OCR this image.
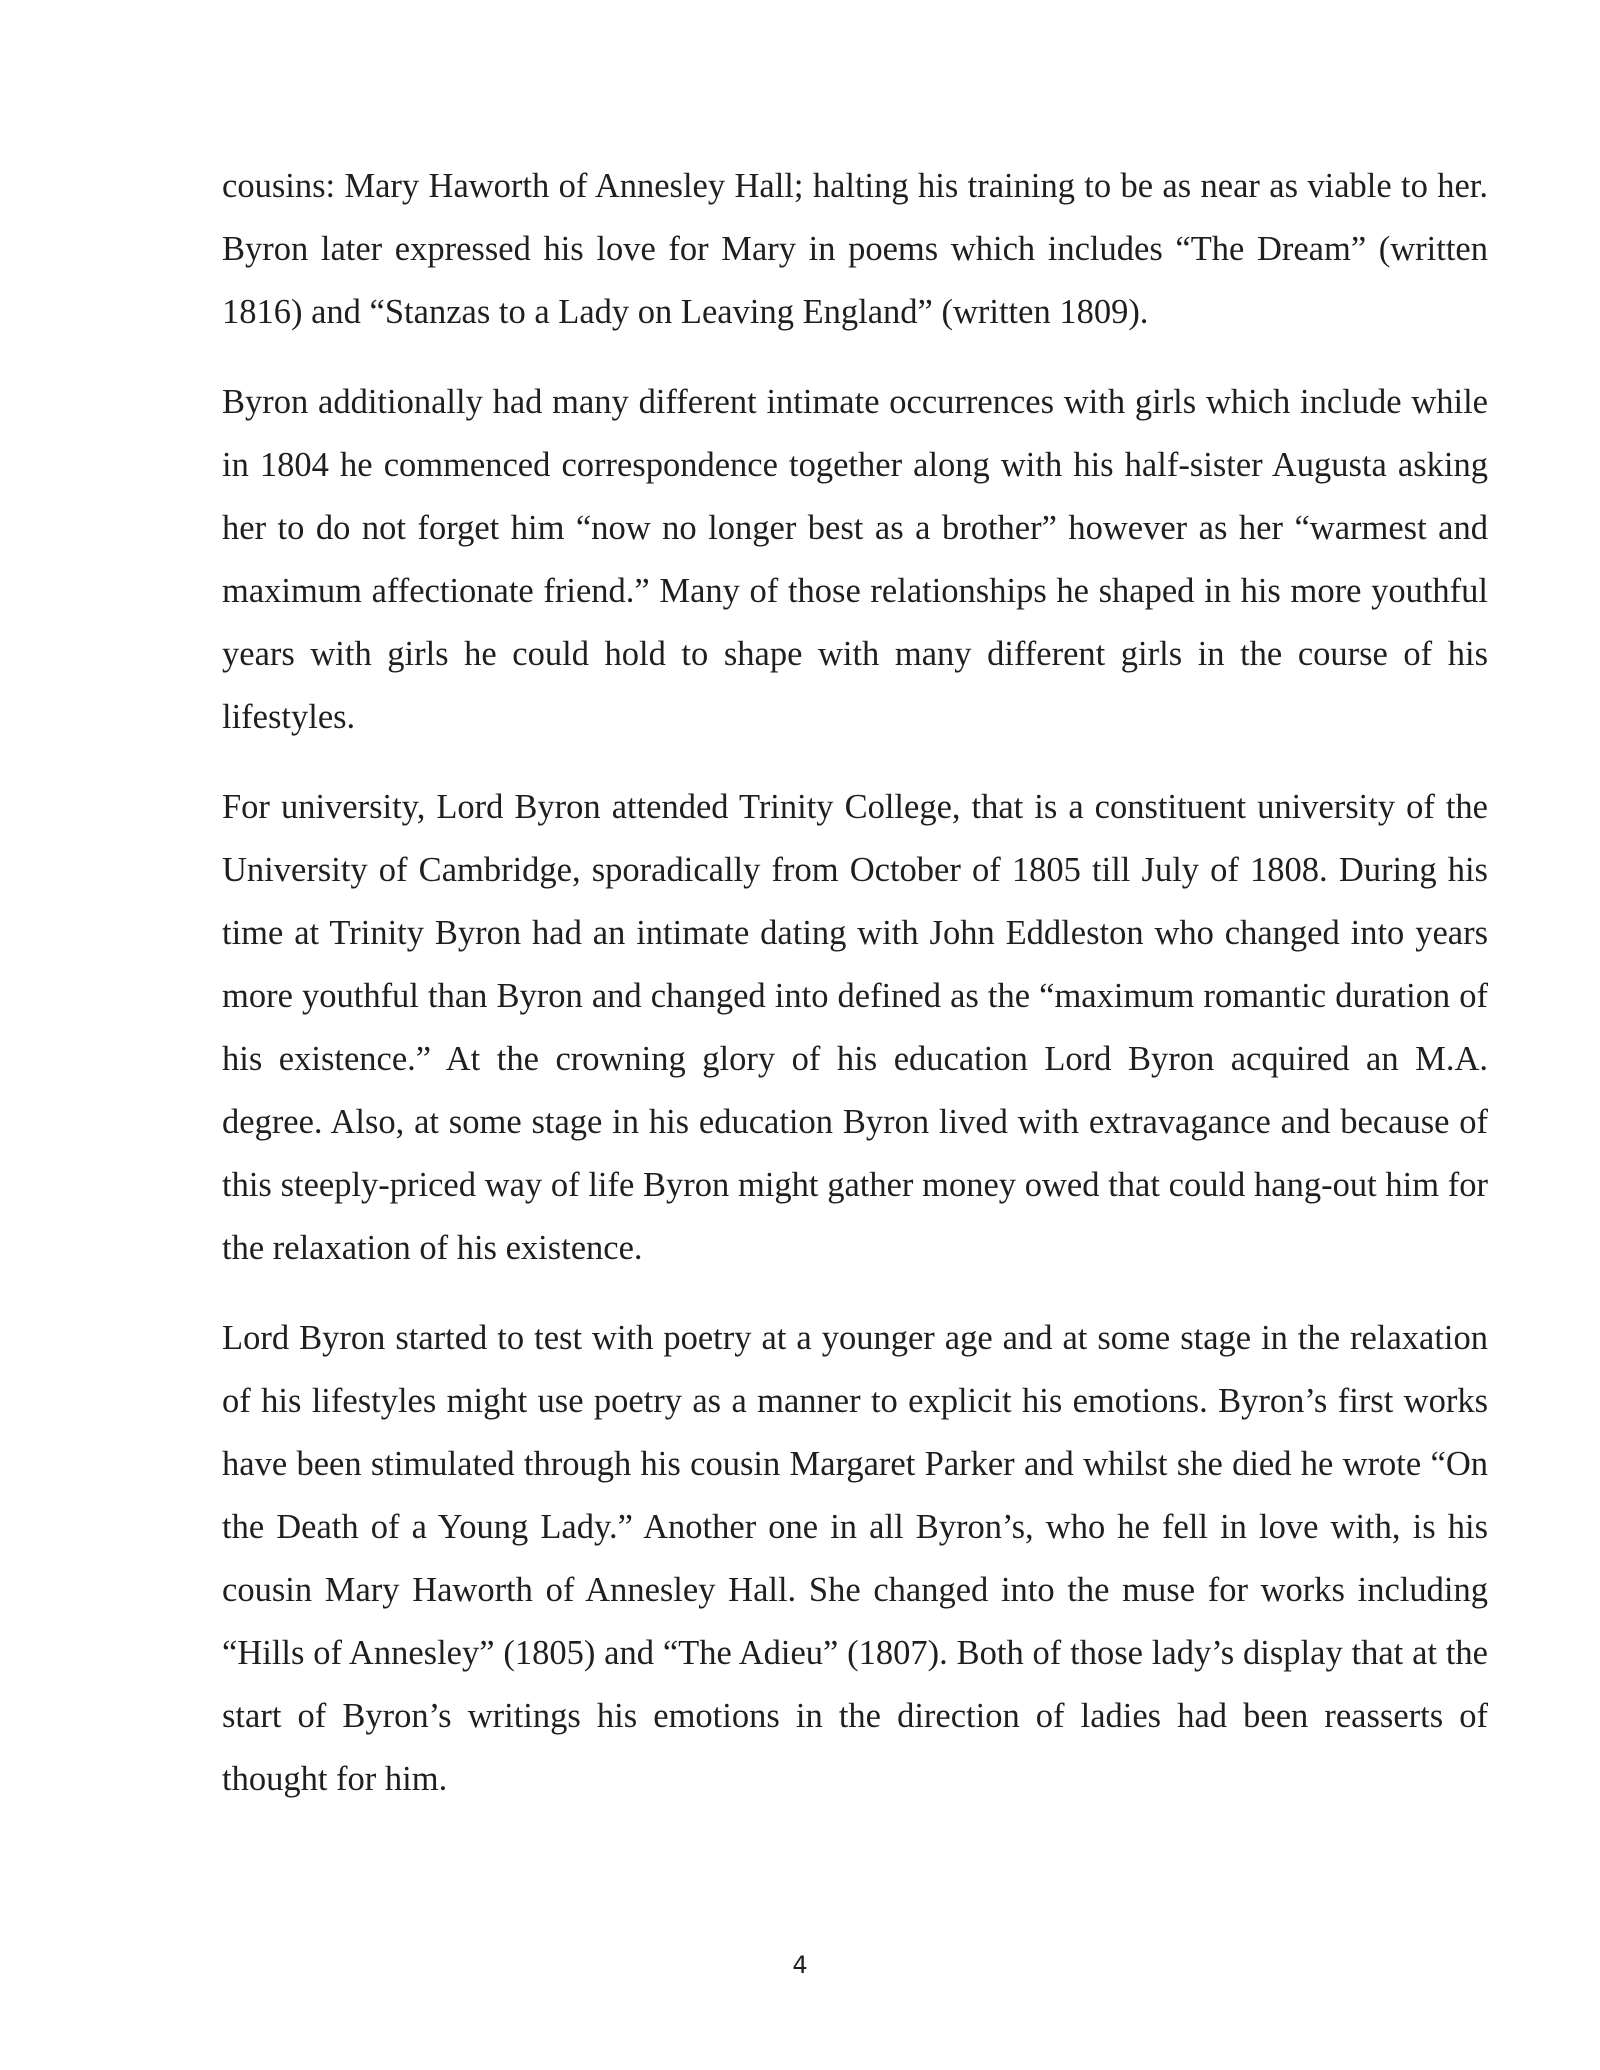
cousins: Mary Haworth of Annesley Hall; halting his training to be as near as viable to her. Byron later expressed his love for Mary in poems which includes “The Dream” (written 1816) and “Stanzas to a Lady on Leaving England” (written 1809).

Byron additionally had many different intimate occurrences with girls which include while in 1804 he commenced correspondence together along with his half-sister Augusta asking her to do not forget him “now no longer best as a brother” however as her “warmest and maximum affectionate friend.” Many of those relationships he shaped in his more youthful years with girls he could hold to shape with many different girls in the course of his lifestyles.

For university, Lord Byron attended Trinity College, that is a constituent university of the University of Cambridge, sporadically from October of 1805 till July of 1808. During his time at Trinity Byron had an intimate dating with John Eddleston who changed into years more youthful than Byron and changed into defined as the “maximum romantic duration of his existence.” At the crowning glory of his education Lord Byron acquired an M.A. degree. Also, at some stage in his education Byron lived with extravagance and because of this steeply-priced way of life Byron might gather money owed that could hang-out him for the relaxation of his existence.

Lord Byron started to test with poetry at a younger age and at some stage in the relaxation of his lifestyles might use poetry as a manner to explicit his emotions. Byron’s first works have been stimulated through his cousin Margaret Parker and whilst she died he wrote “On the Death of a Young Lady.” Another one in all Byron’s, who he fell in love with, is his cousin Mary Haworth of Annesley Hall. She changed into the muse for works including “Hills of Annesley” (1805) and “The Adieu” (1807). Both of those lady’s display that at the start of Byron’s writings his emotions in the direction of ladies had been reasserts of thought for him.

4
